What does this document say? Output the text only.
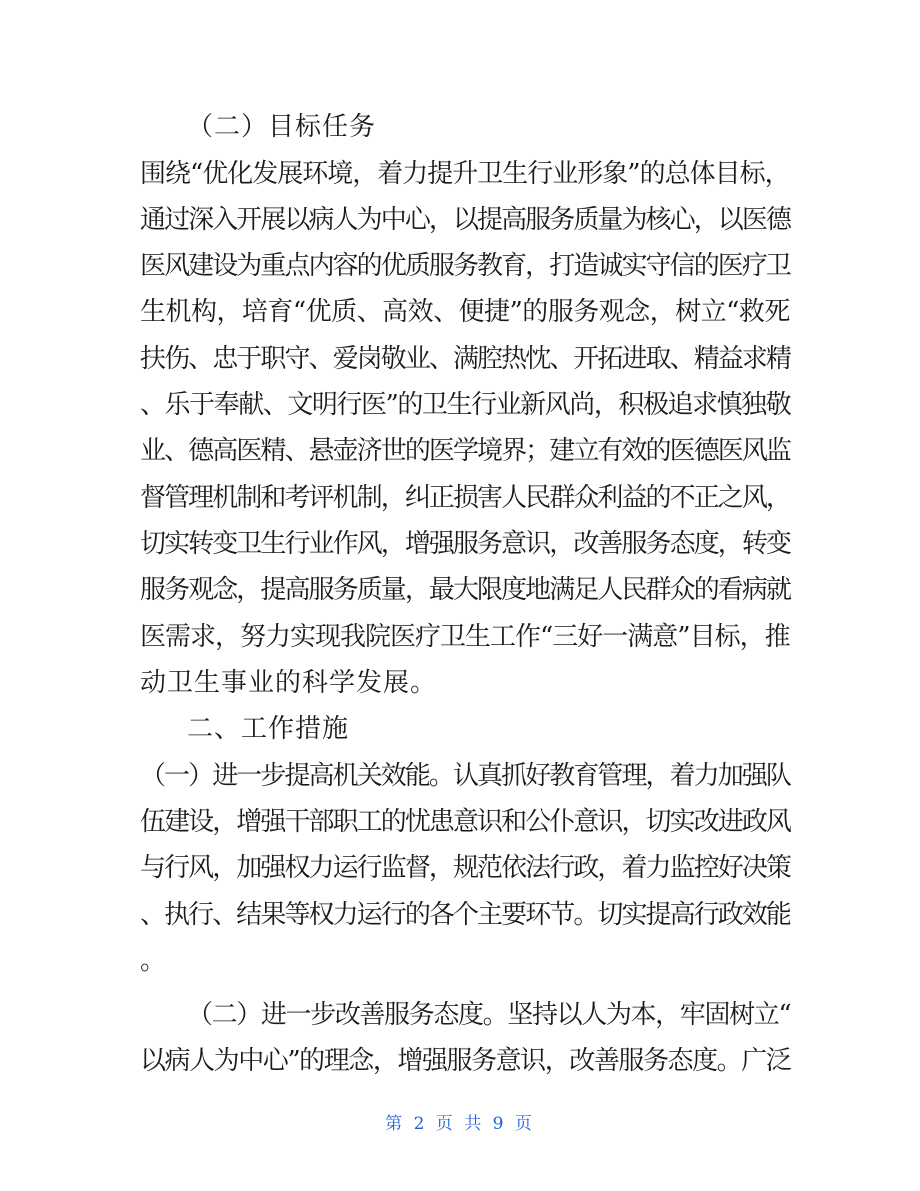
（二）目标任务

围绕“优化发展环境，着力提升卫生行业形象”的总体目标，

通过深入开展以病人为中心，以提高服务质量为核心，以医德

医风建设为重点内容的优质服务教育，打造诚实守信的医疗卫

生机构，培育“优质、高效、便捷”的服务观念，树立“救死

扶伤、忠于职守、爱岗敬业、满腔热忱、开拓进取、精益求精

、乐于奉献、文明行医”的卫生行业新风尚，积极追求慎独敬

业、德高医精、悬壶济世的医学境界；建立有效的医德医风监

督管理机制和考评机制，纠正损害人民群众利益的不正之风，

切实转变卫生行业作风，增强服务意识，改善服务态度，转变

服务观念，提高服务质量，最大限度地满足人民群众的看病就

医需求，努力实现我院医疗卫生工作“三好一满意”目标，推

动卫生事业的科学发展。

二、工作措施

（一）进一步提高机关效能。认真抓好教育管理，着力加强队

伍建设，增强干部职工的忧患意识和公仆意识，切实改进政风

与行风，加强权力运行监督，规范依法行政，着力监控好决策

、执行、结果等权力运行的各个主要环节。切实提高行政效能

。

（二）进一步改善服务态度。坚持以人为本，牢固树立“

以病人为中心”的理念，增强服务意识，改善服务态度。广泛

第 2 页 共 9 页
